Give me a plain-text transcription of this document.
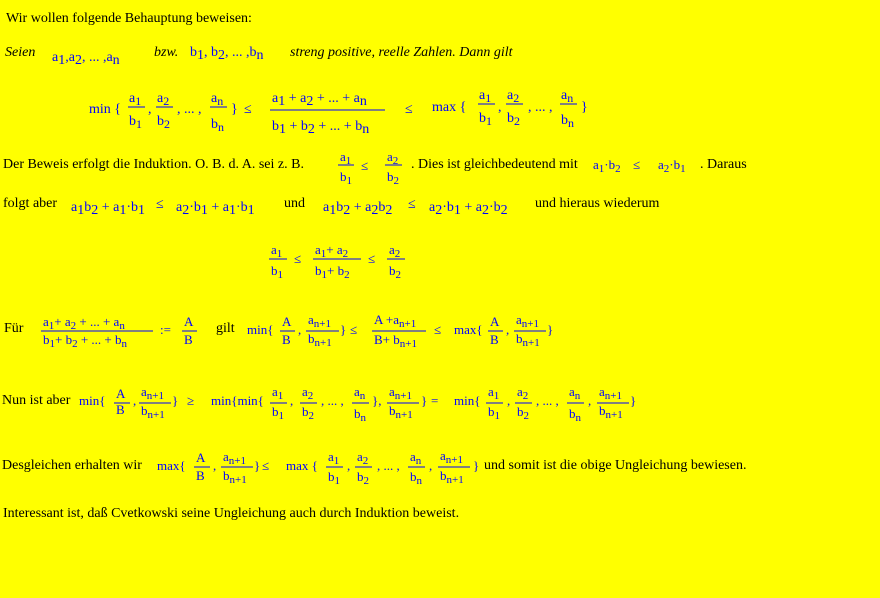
Wir wollen folgende Behauptung beweisen:
Seien	bzw.	streng positive, reelle Zahlen. Dann gilt
Der Beweis erfolgt die Induktion. O. B. d. A. sei z. B.	. Dies ist gleichbedeutend mit	. Daraus
folgt aber	und	und hieraus wiederum
Für	gilt
Nun ist aber
Desgleichen erhalten wir	und somit ist die obige Ungleichung bewiesen.
Interessant ist, daß Cvetkowski seine Ungleichung auch durch Induktion beweist.
a1,a2, ... ,an
b1, b2, ... ,bn
min {
a1
b1
,
a2
b2
, ... ,
an
bn
} ≤
a1 + a2 + ... + an
b1 + b2 + ... + bn
≤ max {
a1
b1
,
a2
b2
, ... ,
an
bn
}
$a_1$
$b_1$
≤
$a_2$
$b_2$
$a_1\cdot b_2 \le a_2\cdot b_1$
a1b2 + a1·b1 ≤ a2·b1 + a1·b1	a1b2 + a2b2 ≤ a2·b1 + a2·b2
$a_1$
$b_1$
≤
$a_1+ a_2$
$b_1+ b_2$
≤
$a_2$
$b_2$
$a_1+ a_2$ + ... + $a_n$
$b_1+ b_2$ + ... + $b_n$
:=
A
B
min{
A
B
,
$a_{n+1}$
$b_{n+1}$
} ≤
$A +a_{n+1}$
$B+ b_{n+1}$
≤ max{
A
B
,
$a_{n+1}$
$b_{n+1}$
}
min{ A
B
,
$a_{n+1}$
$b_{n+1}$
} ≥ min{min{
$a_1$
$b_1$
,
$a_2$
$b_2$
, ... ,
$a_n$
$b_n$
},
$a_{n+1}$
$b_{n+1}$
} = min{
$a_1$
$b_1$
,
$a_2$
$b_2$
, ... ,
$a_n$
$b_n$
,
$a_{n+1}$
$b_{n+1}$
}
max{
A
B
,
$a_{n+1}$
$b_{n+1}$
} ≤ max {
$a_1$
$b_1$
,
$a_2$
$b_2$
, ... ,
$a_n$
$b_n$
,
$a_{n+1}$
$b_{n+1}$
}
